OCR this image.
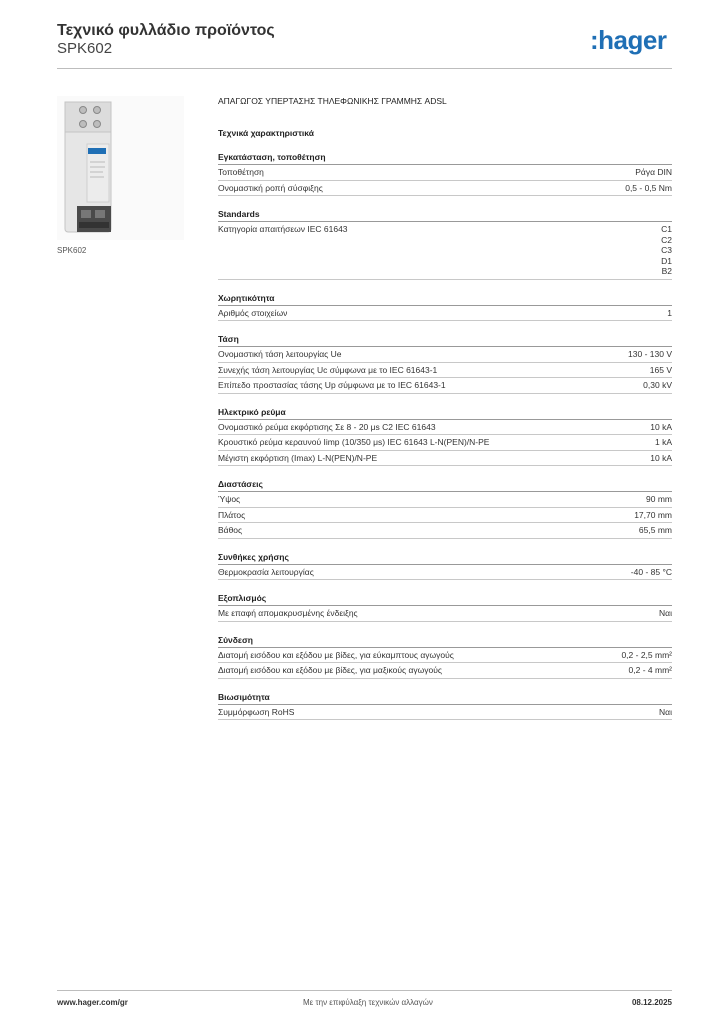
Τεχνικό φυλλάδιο προϊόντος
SPK602	:hager
SPK602
ΑΠΑΓΩΓΟΣ ΥΠΕΡΤΑΣΗΣ ΤΗΛΕΦΩΝΙΚΗΣ ΓΡΑΜΜΗΣ ADSL
Τεχνικά χαρακτηριστικά
Εγκατάσταση, τοποθέτηση
Τοποθέτηση	Ράγα DIN
Ονομαστική ροπή σύσφιξης	0,5 - 0,5 Nm
Standards
Κατηγορία απαιτήσεων IEC 61643	C1
C2
C3
D1
B2
Χωρητικότητα
Αριθμός στοιχείων	1
Τάση
Ονομαστική τάση λειτουργίας Ue	130 - 130 V
Συνεχής τάση λειτουργίας Uc σύμφωνα με το IEC 61643-1	165 V
Επίπεδο προστασίας τάσης Up σύμφωνα με το IEC 61643-1	0,30 kV
Ηλεκτρικό ρεύμα
Ονομαστικό ρεύμα εκφόρτισης Σε 8 - 20 μs C2 IEC 61643	10 kA
Κρουστικό ρεύμα κεραυνού Iimp (10/350 μs) IEC 61643 L-N(PEN)/N-PE	1 kA
Μέγιστη εκφόρτιση (Imax) L-N(PEN)/N-PE	10 kA
Διαστάσεις
Ύψος	90 mm
Πλάτος	17,70 mm
Βάθος	65,5 mm
Συνθήκες χρήσης
Θερμοκρασία λειτουργίας	-40 - 85 °C
Εξοπλισμός
Με επαφή απομακρυσμένης ένδειξης	Ναι
Σύνδεση
Διατομή εισόδου και εξόδου με βίδες, για εύκαμπτους αγωγούς	0,2 - 2,5 mm²
Διατομή εισόδου και εξόδου με βίδες, για μαξικούς αγωγούς	0,2 - 4 mm²
Βιωσιμότητα
Συμμόρφωση RoHS	Ναι
www.hager.com/gr	Με την επιφύλαξη τεχνικών αλλαγών	08.12.2025
